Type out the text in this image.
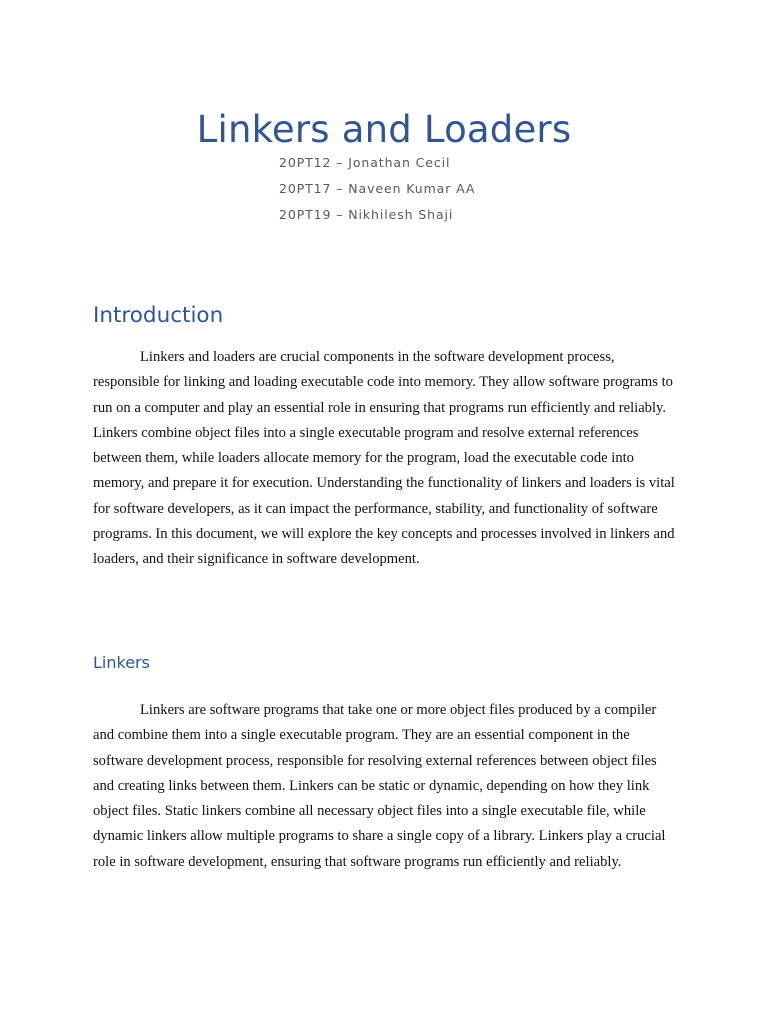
Linkers and Loaders
20PT12 – Jonathan Cecil
20PT17 – Naveen Kumar AA
20PT19 – Nikhilesh Shaji
Introduction

Linkers and loaders are crucial components in the software development process, responsible for linking and loading executable code into memory. They allow software programs to run on a computer and play an essential role in ensuring that programs run efficiently and reliably. Linkers combine object files into a single executable program and resolve external references between them, while loaders allocate memory for the program, load the executable code into memory, and prepare it for execution. Understanding the functionality of linkers and loaders is vital for software developers, as it can impact the performance, stability, and functionality of software programs. In this document, we will explore the key concepts and processes involved in linkers and loaders, and their significance in software development.

Linkers

Linkers are software programs that take one or more object files produced by a compiler and combine them into a single executable program. They are an essential component in the software development process, responsible for resolving external references between object files and creating links between them. Linkers can be static or dynamic, depending on how they link object files. Static linkers combine all necessary object files into a single executable file, while dynamic linkers allow multiple programs to share a single copy of a library. Linkers play a crucial role in software development, ensuring that software programs run efficiently and reliably.
